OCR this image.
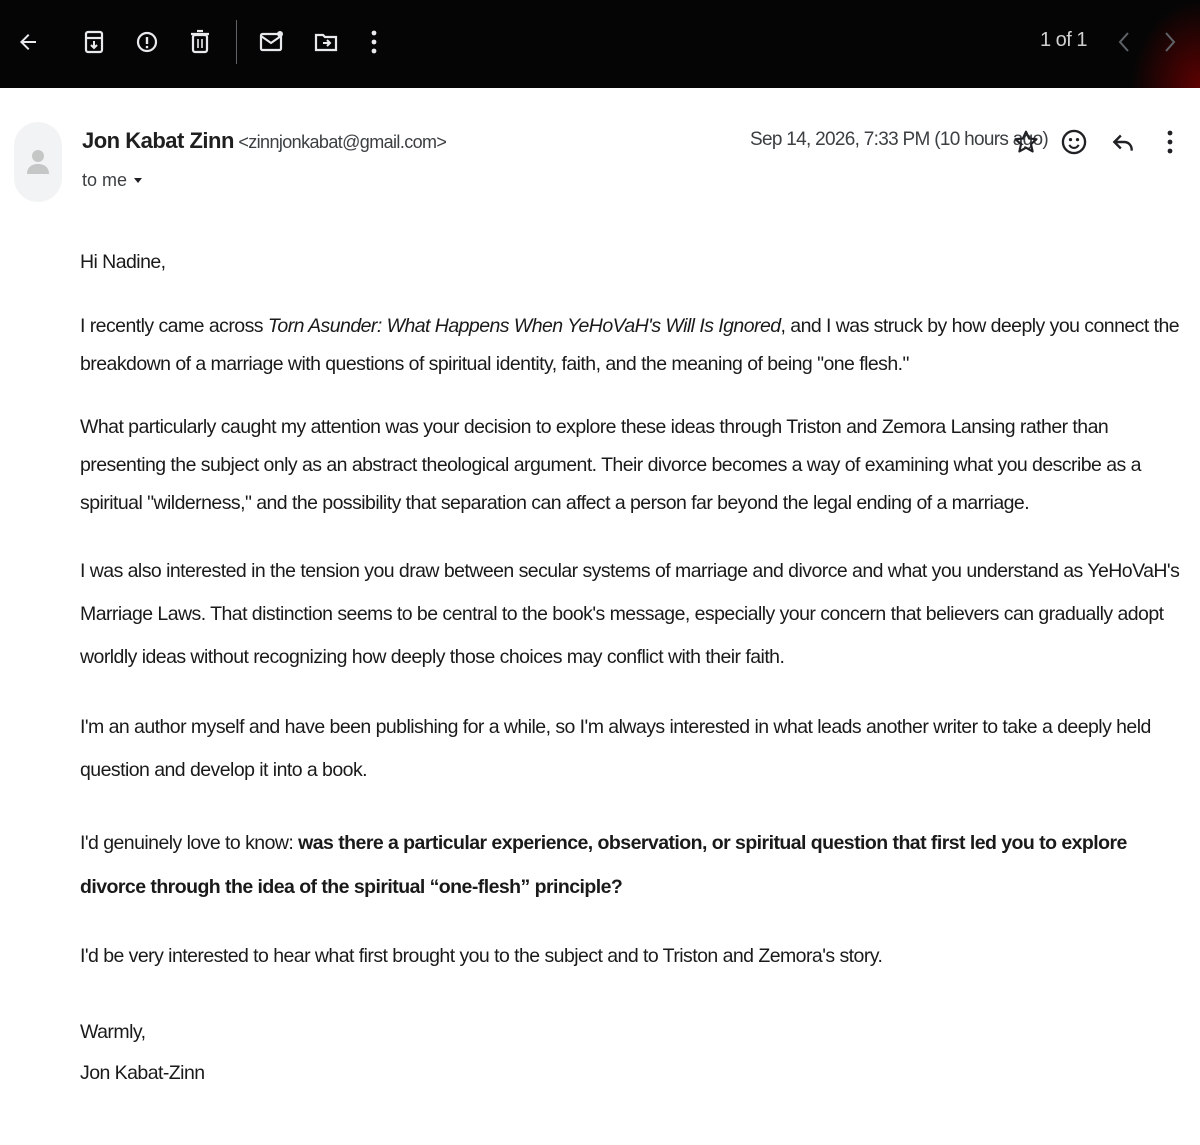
1 of 1
Jon Kabat Zinn <zinnjonkabat@gmail.com>
to me
Sep 14, 2026, 7:33 PM (10 hours ago)
Hi Nadine,
I recently came across Torn Asunder: What Happens When YeHoVaH's Will Is Ignored, and I was struck by how deeply you connect the breakdown of a marriage with questions of spiritual identity, faith, and the meaning of being "one flesh."
What particularly caught my attention was your decision to explore these ideas through Triston and Zemora Lansing rather than presenting the subject only as an abstract theological argument. Their divorce becomes a way of examining what you describe as a spiritual "wilderness," and the possibility that separation can affect a person far beyond the legal ending of a marriage.
I was also interested in the tension you draw between secular systems of marriage and divorce and what you understand as YeHoVaH's Marriage Laws. That distinction seems to be central to the book's message, especially your concern that believers can gradually adopt worldly ideas without recognizing how deeply those choices may conflict with their faith.
I'm an author myself and have been publishing for a while, so I'm always interested in what leads another writer to take a deeply held question and develop it into a book.
I'd genuinely love to know: was there a particular experience, observation, or spiritual question that first led you to explore divorce through the idea of the spiritual “one-flesh” principle?
I'd be very interested to hear what first brought you to the subject and to Triston and Zemora's story.
Warmly,
Jon Kabat-Zinn
